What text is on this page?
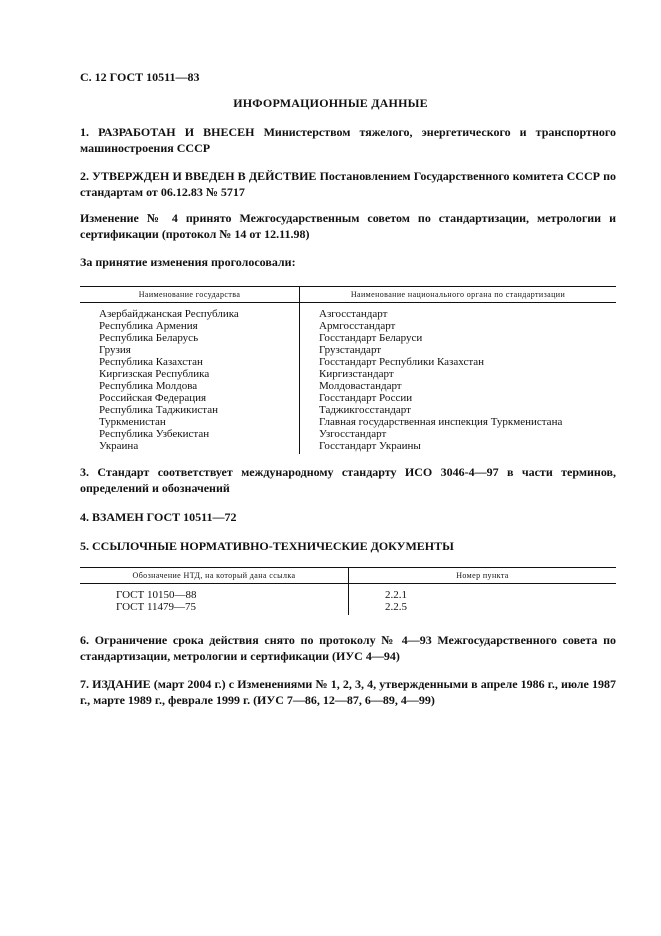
С. 12 ГОСТ 10511—83
ИНФОРМАЦИОННЫЕ ДАННЫЕ
1. РАЗРАБОТАН И ВНЕСЕН Министерством тяжелого, энергетического и транспортного машиностроения СССР
2. УТВЕРЖДЕН И ВВЕДЕН В ДЕЙСТВИЕ Постановлением Государственного комитета СССР по стандартам от 06.12.83 № 5717
Изменение № 4 принято Межгосударственным советом по стандартизации, метрологии и сертификации (протокол № 14 от 12.11.98)
За принятие изменения проголосовали:
Наименование государства	Наименование национального органа по стандартизации
Азербайджанская Республика	Азгосстандарт
Республика Армения	Армгосстандарт
Республика Беларусь	Госстандарт Беларуси
Грузия	Грузстандарт
Республика Казахстан	Госстандарт Республики Казахстан
Киргизская Республика	Киргизстандарт
Республика Молдова	Молдовастандарт
Российская Федерация	Госстандарт России
Республика Таджикистан	Таджикгосстандарт
Туркменистан	Главная государственная инспекция Туркменистана
Республика Узбекистан	Узгосстандарт
Украина	Госстандарт Украины
3. Стандарт соответствует международному стандарту ИСО 3046-4—97 в части терминов, определений и обозначений
4. ВЗАМЕН ГОСТ 10511—72
5. ССЫЛОЧНЫЕ НОРМАТИВНО-ТЕХНИЧЕСКИЕ ДОКУМЕНТЫ
Обозначение НТД, на который дана ссылка	Номер пункта
ГОСТ 10150—88	2.2.1
ГОСТ 11479—75	2.2.5
6. Ограничение срока действия снято по протоколу № 4—93 Межгосударственного совета по стандартизации, метрологии и сертификации (ИУС 4—94)
7. ИЗДАНИЕ (март 2004 г.) с Изменениями № 1, 2, 3, 4, утвержденными в апреле 1986 г., июле 1987 г., марте 1989 г., феврале 1999 г. (ИУС 7—86, 12—87, 6—89, 4—99)
